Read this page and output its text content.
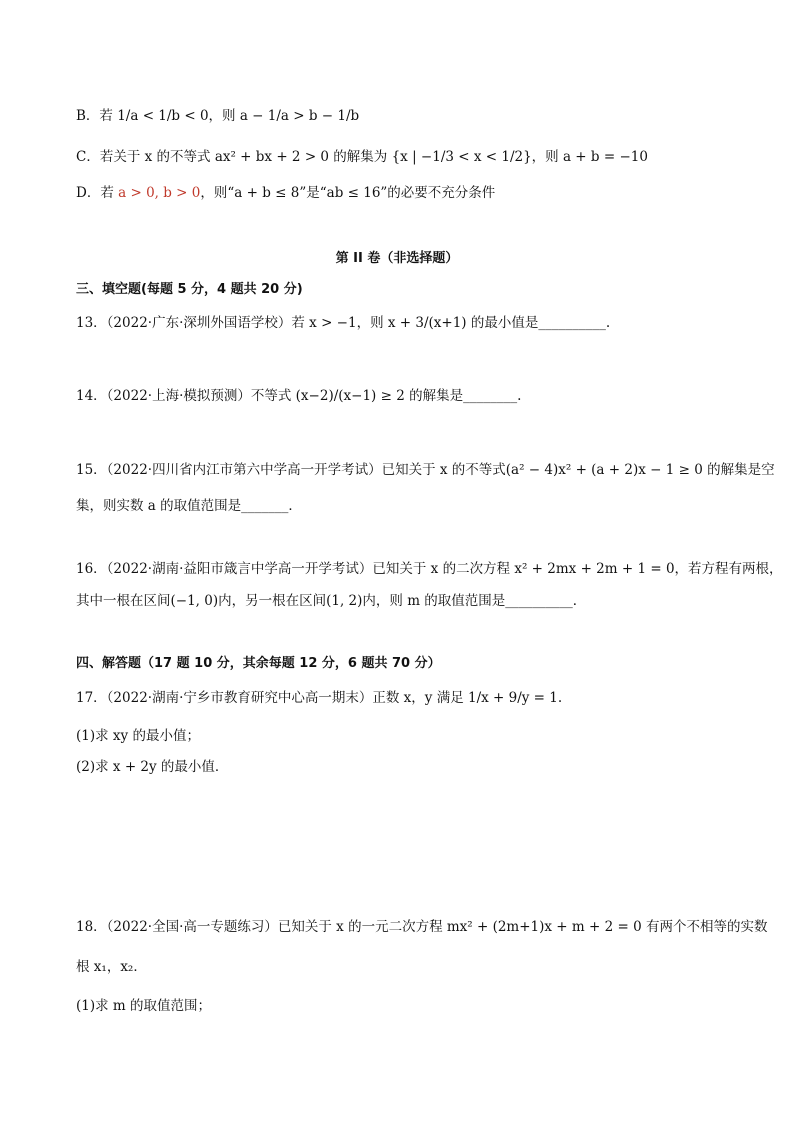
B．若 1/a < 1/b < 0，则 a − 1/a > b − 1/b
C．若关于 x 的不等式 ax² + bx + 2 > 0 的解集为 {x | −1/3 < x < 1/2}，则 a + b = −10
D．若 a > 0, b > 0，则“a + b ≤ 8”是“ab ≤ 16”的必要不充分条件
第 II 卷（非选择题）
三、填空题(每题 5 分，4 题共 20 分)
13．（2022·广东·深圳外国语学校）若 x > −1，则 x + 3/(x+1) 的最小值是__________.
14．（2022·上海·模拟预测）不等式 (x−2)/(x−1) ≥ 2 的解集是________.
15．（2022·四川省内江市第六中学高一开学考试）已知关于 x 的不等式(a² − 4)x² + (a + 2)x − 1 ≥ 0 的解集是空
集，则实数 a 的取值范围是_______．
16．（2022·湖南·益阳市箴言中学高一开学考试）已知关于 x 的二次方程 x² + 2mx + 2m + 1 = 0，若方程有两根，
其中一根在区间(−1, 0)内，另一根在区间(1, 2)内，则 m 的取值范围是__________．
四、解答题（17 题 10 分，其余每题 12 分，6 题共 70 分）
17．（2022·湖南·宁乡市教育研究中心高一期末）正数 x，y 满足 1/x + 9/y = 1.
(1)求 xy 的最小值；
(2)求 x + 2y 的最小值．
18．（2022·全国·高一专题练习）已知关于 x 的一元二次方程 mx² + (2m+1)x + m + 2 = 0 有两个不相等的实数
根 x₁，x₂．
(1)求 m 的取值范围；
